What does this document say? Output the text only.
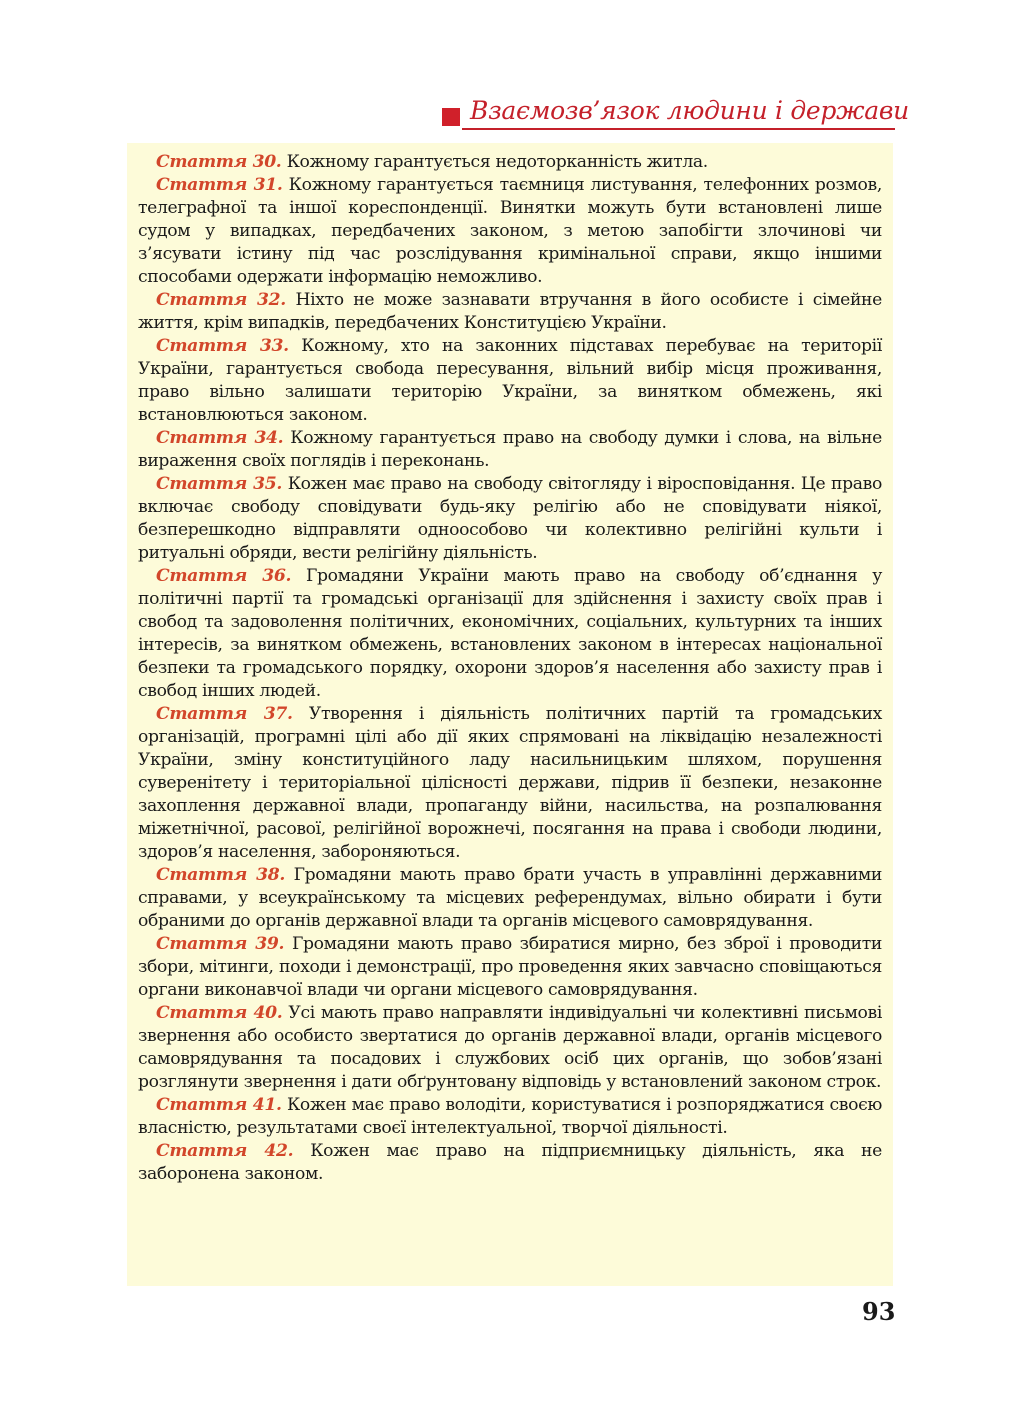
Взаємозв’язок людини і держави

Стаття 30. Кожному гарантується недоторканність житла.

Стаття 31. Кожному гарантується таємниця листування, телефонних розмов, телеграфної та іншої кореспонденції. Винятки можуть бути встановлені лише судом у випадках, передбачених законом, з метою запобігти злочинові чи з’ясувати істину під час розслідування кримінальної справи, якщо іншими способами одержати інформацію неможливо.

Стаття 32. Ніхто не може зазнавати втручання в його особисте і сімейне життя, крім випадків, передбачених Конституцією України.

Стаття 33. Кожному, хто на законних підставах перебуває на території України, гарантується свобода пересування, вільний вибір місця проживання, право вільно залишати територію України, за винятком обмежень, які встановлюються законом.

Стаття 34. Кожному гарантується право на свободу думки і слова, на вільне вираження своїх поглядів і переконань.

Стаття 35. Кожен має право на свободу світогляду і віросповідання. Це право включає свободу сповідувати будь-яку релігію або не сповідувати ніякої, безперешкодно відправляти одноособово чи колективно релігійні культи і ритуальні обряди, вести релігійну діяльність.

Стаття 36. Громадяни України мають право на свободу об’єднання у політичні партії та громадські організації для здійснення і захисту своїх прав і свобод та задоволення політичних, економічних, соціальних, культурних та інших інтересів, за винятком обмежень, встановлених законом в інтересах національної безпеки та громадського порядку, охорони здоров’я населення або захисту прав і свобод інших людей.

Стаття 37. Утворення і діяльність політичних партій та громадських організацій, програмні цілі або дії яких спрямовані на ліквідацію незалежності України, зміну конституційного ладу насильницьким шляхом, порушення суверенітету і територіальної цілісності держави, підрив її безпеки, незаконне захоплення державної влади, пропаганду війни, насильства, на розпалювання міжетнічної, расової, релігійної ворожнечі, посягання на права і свободи людини, здоров’я населення, забороняються.

Стаття 38. Громадяни мають право брати участь в управлінні державними справами, у всеукраїнському та місцевих референдумах, вільно обирати і бути обраними до органів державної влади та органів місцевого самоврядування.

Стаття 39. Громадяни мають право збиратися мирно, без зброї і проводити збори, мітинги, походи і демонстрації, про проведення яких завчасно сповіщаються органи виконавчої влади чи органи місцевого самоврядування.

Стаття 40. Усі мають право направляти індивідуальні чи колективні письмові звернення або особисто звертатися до органів державної влади, органів місцевого самоврядування та посадових і службових осіб цих органів, що зобов’язані розглянути звернення і дати обґрунтовану відповідь у встановлений законом строк.

Стаття 41. Кожен має право володіти, користуватися і розпоряджатися своєю власністю, результатами своєї інтелектуальної, творчої діяльності.

Стаття 42. Кожен має право на підприємницьку діяльність, яка не заборонена законом.

93
